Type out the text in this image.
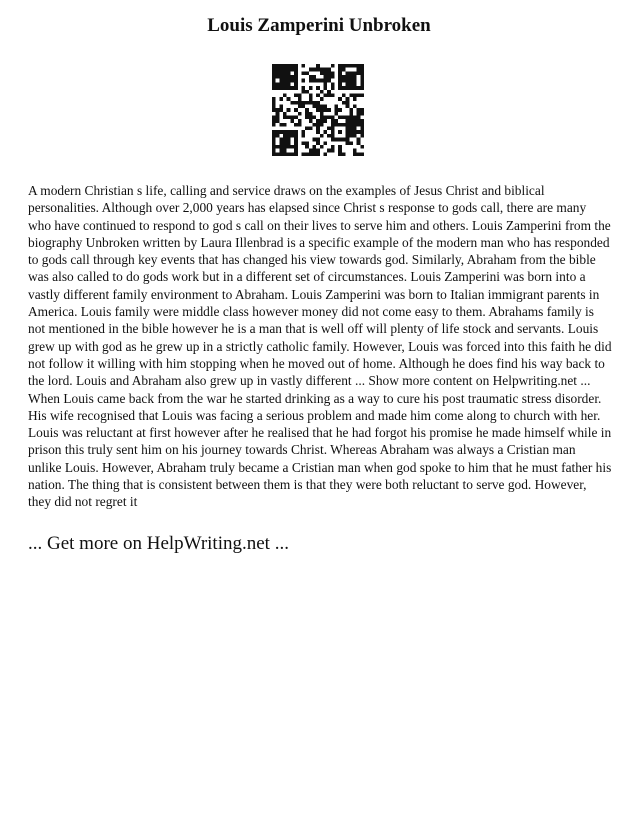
Louis Zamperini Unbroken

A modern Christian s life, calling and service draws on the examples of Jesus Christ and biblical personalities. Although over 2,000 years has elapsed since Christ s response to gods call, there are many who have continued to respond to god s call on their lives to serve him and others. Louis Zamperini from the biography Unbroken written by Laura Illenbrad is a specific example of the modern man who has responded to gods call through key events that has changed his view towards god. Similarly, Abraham from the bible was also called to do gods work but in a different set of circumstances. Louis Zamperini was born into a vastly different family environment to Abraham. Louis Zamperini was born to Italian immigrant parents in America. Louis family were middle class however money did not come easy to them. Abrahams family is not mentioned in the bible however he is a man that is well off will plenty of life stock and servants. Louis grew up with god as he grew up in a strictly catholic family. However, Louis was forced into this faith he did not follow it willing with him stopping when he moved out of home. Although he does find his way back to the lord. Louis and Abraham also grew up in vastly different ... Show more content on Helpwriting.net ...

When Louis came back from the war he started drinking as a way to cure his post traumatic stress disorder. His wife recognised that Louis was facing a serious problem and made him come along to church with her. Louis was reluctant at first however after he realised that he had forgot his promise he made himself while in prison this truly sent him on his journey towards Christ. Whereas Abraham was always a Cristian man unlike Louis. However, Abraham truly became a Cristian man when god spoke to him that he must father his nation. The thing that is consistent between them is that they were both reluctant to serve god. However, they did not regret it

... Get more on HelpWriting.net ...
